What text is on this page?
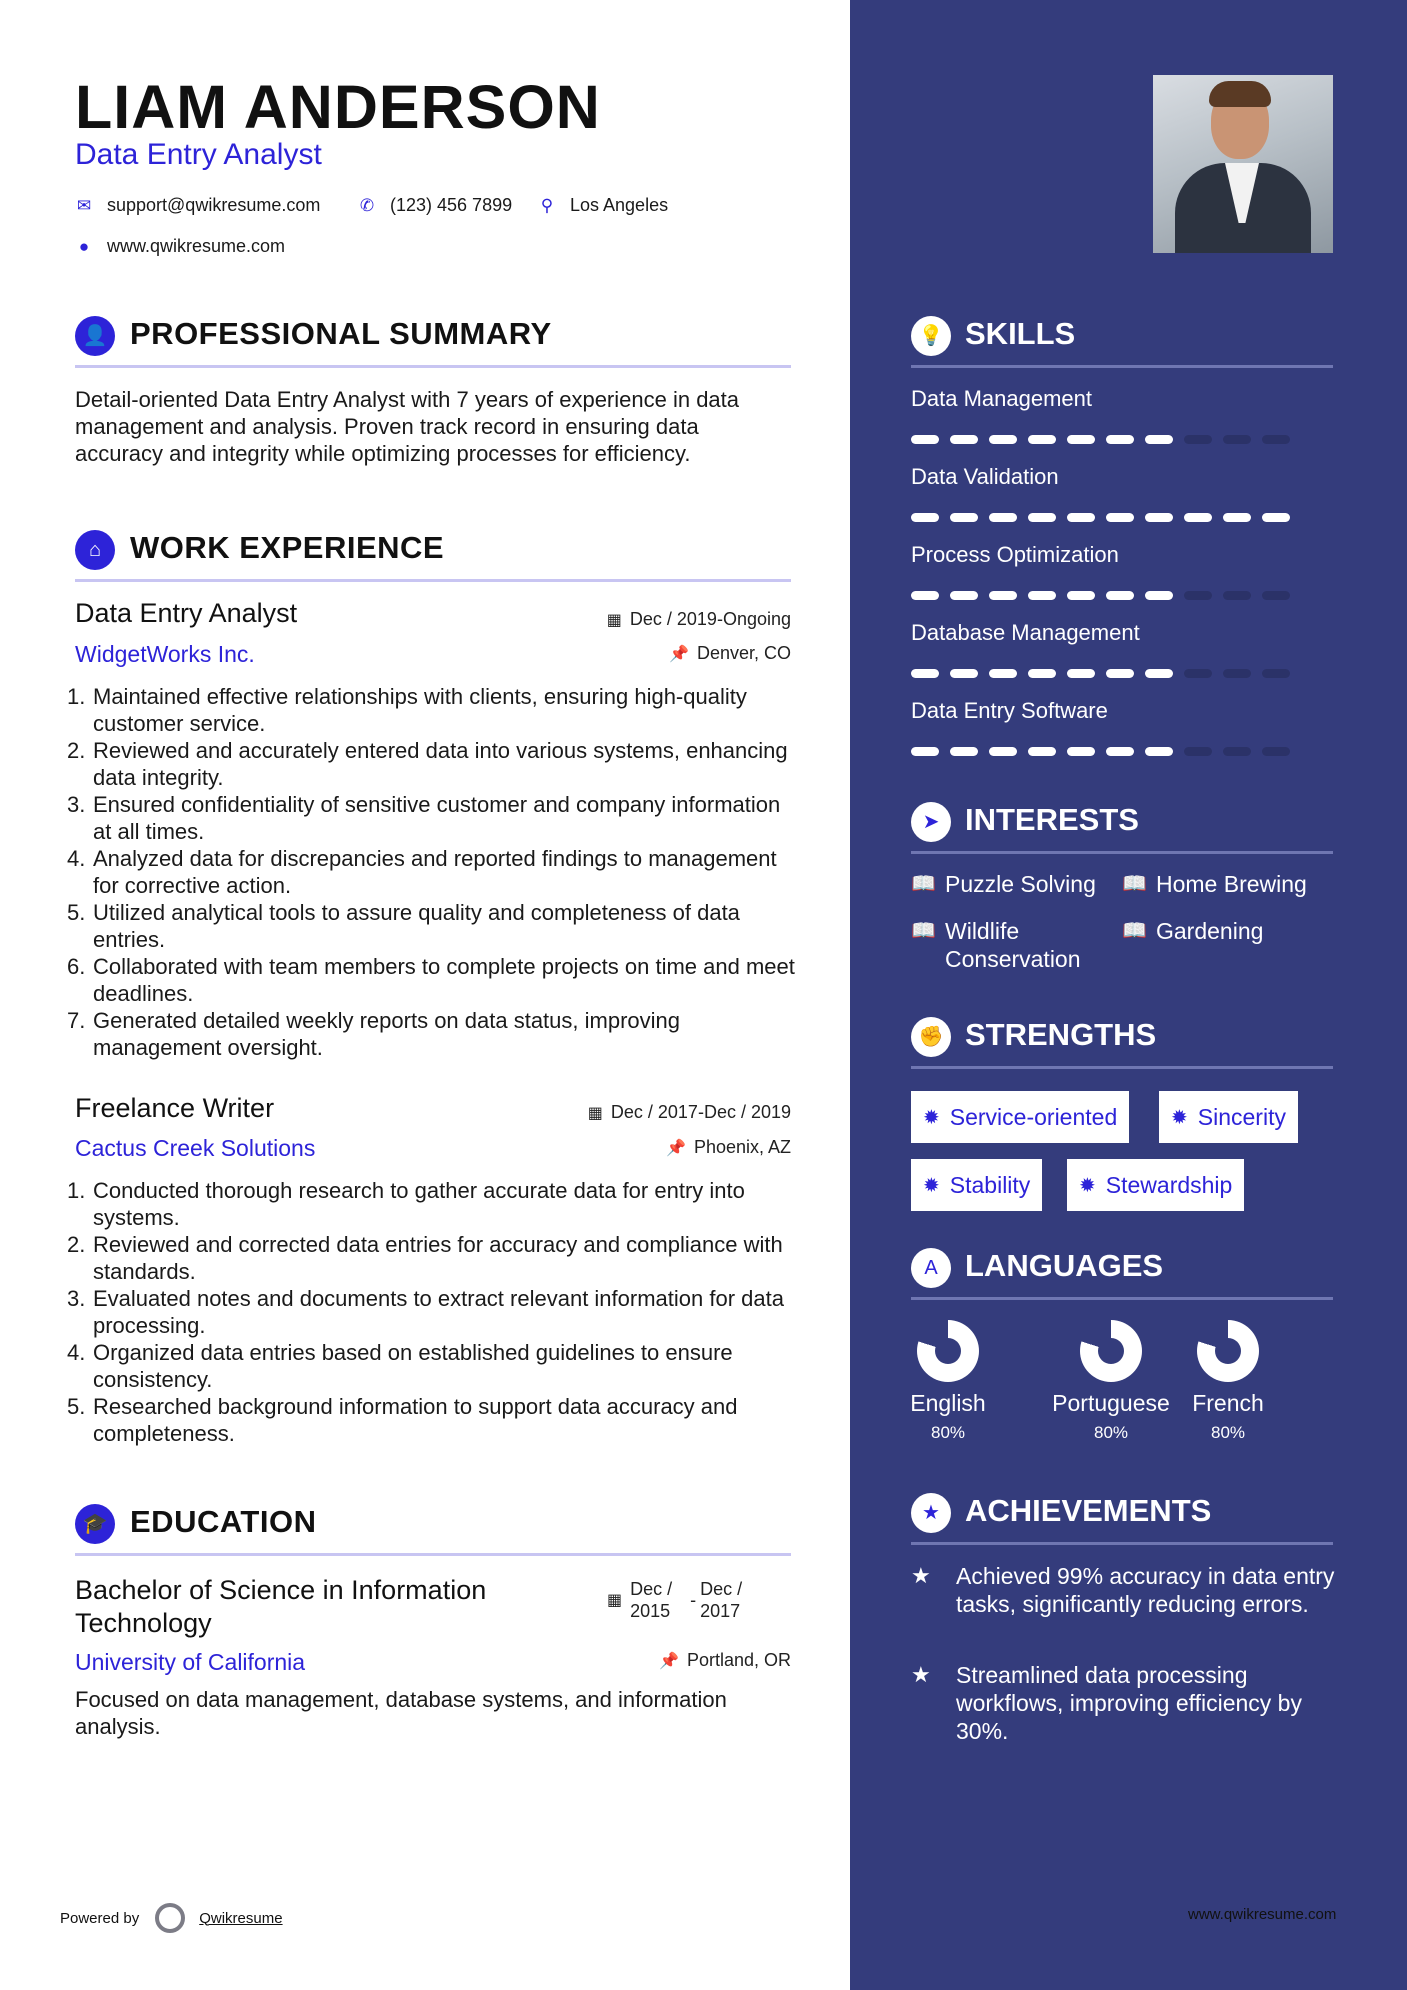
LIAM ANDERSON
Data Entry Analyst
✉ support@qwikresume.com ✆ (123) 456 7899 ⚲ Los Angeles
● www.qwikresume.com
👤 PROFESSIONAL SUMMARY
Detail-oriented Data Entry Analyst with 7 years of experience in data management and analysis. Proven track record in ensuring data accuracy and integrity while optimizing processes for efficiency.
⌂ WORK EXPERIENCE
Data Entry Analyst	▦ Dec / 2019-Ongoing
WidgetWorks Inc.	📌 Denver, CO
1. Maintained effective relationships with clients, ensuring high-quality customer service.
2. Reviewed and accurately entered data into various systems, enhancing data integrity.
3. Ensured confidentiality of sensitive customer and company information at all times.
4. Analyzed data for discrepancies and reported findings to management for corrective action.
5. Utilized analytical tools to assure quality and completeness of data entries.
6. Collaborated with team members to complete projects on time and meet deadlines.
7. Generated detailed weekly reports on data status, improving management oversight.
Freelance Writer	▦ Dec / 2017-Dec / 2019
Cactus Creek Solutions	📌 Phoenix, AZ
1. Conducted thorough research to gather accurate data for entry into systems.
2. Reviewed and corrected data entries for accuracy and compliance with standards.
3. Evaluated notes and documents to extract relevant information for data processing.
4. Organized data entries based on established guidelines to ensure consistency.
5. Researched background information to support data accuracy and completeness.
🎓 EDUCATION
Bachelor of Science in Information Technology
▦
Dec / 2015
-
Dec / 2017
University of California	📌 Portland, OR
Focused on data management, database systems, and information analysis.
Powered by	Qwikresume
💡 SKILLS
Data Management
Data Validation
Process Optimization
Database Management
Data Entry Software
➤ INTERESTS
📖 Puzzle Solving 📖 Home Brewing
📖 Wildlife Conservation
📖 Gardening
✊ STRENGTHS
✹ Service-oriented	✹ Sincerity
✹ Stability ✹ Stewardship
A LANGUAGES
English
80%
Portuguese
80%
French
80%
★ ACHIEVEMENTS
★	Achieved 99% accuracy in data entry tasks, significantly reducing errors.
★	Streamlined data processing workflows, improving efficiency by 30%.
www.qwikresume.com
